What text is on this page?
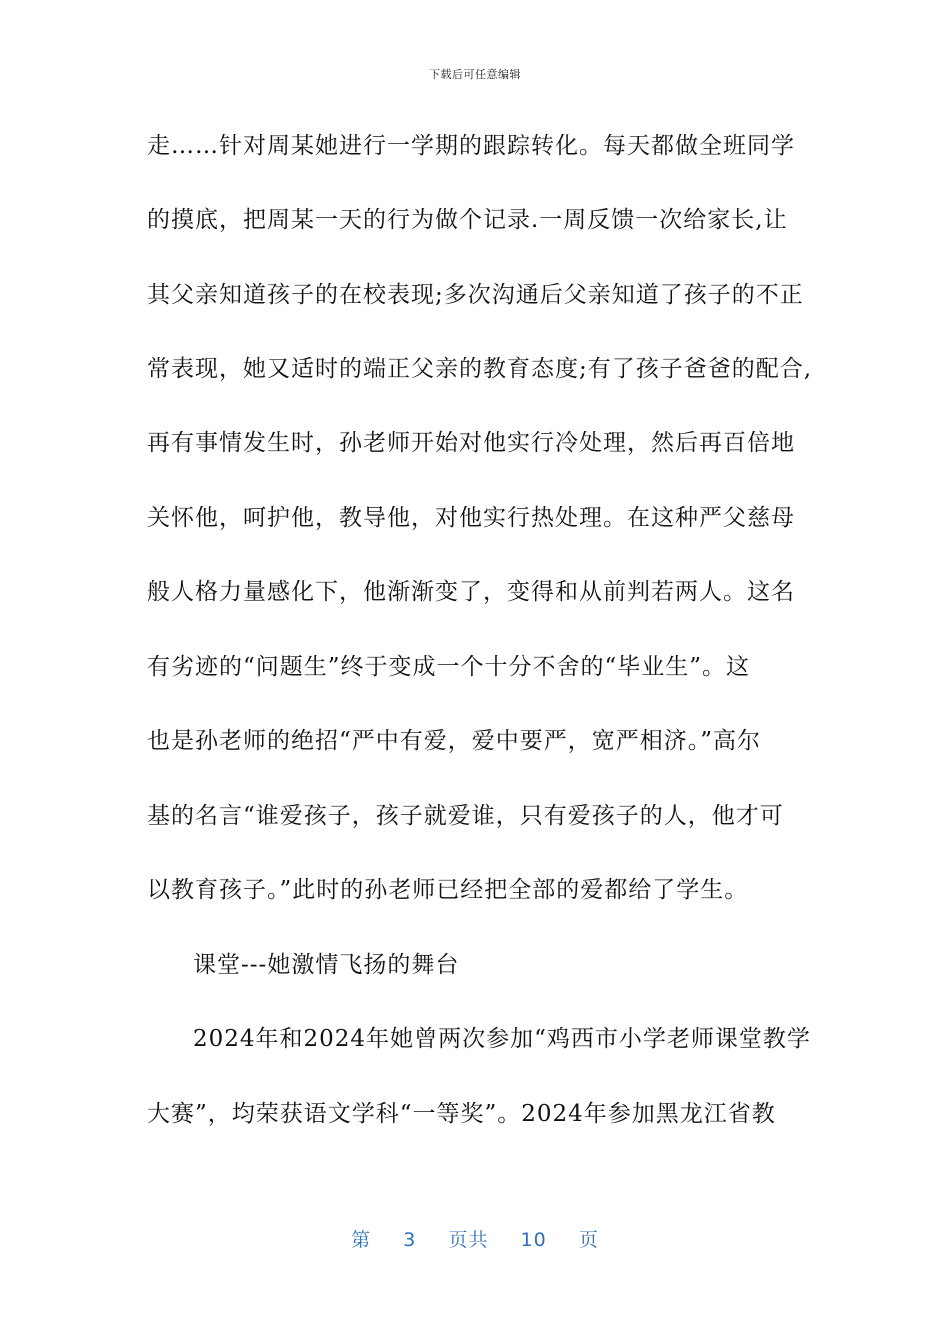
下载后可任意编辑
走……针对周某她进行一学期的跟踪转化。每天都做全班同学
的摸底，把周某一天的行为做个记录.一周反馈一次给家长,让
其父亲知道孩子的在校表现;多次沟通后父亲知道了孩子的不正
常表现，她又适时的端正父亲的教育态度;有了孩子爸爸的配合,
再有事情发生时，孙老师开始对他实行冷处理，然后再百倍地
关怀他，呵护他，教导他，对他实行热处理。在这种严父慈母
般人格力量感化下，他渐渐变了，变得和从前判若两人。这名
有劣迹的“问题生”终于变成一个十分不舍的“毕业生”。这
也是孙老师的绝招“严中有爱，爱中要严，宽严相济。”高尔
基的名言“谁爱孩子，孩子就爱谁，只有爱孩子的人，他才可
以教育孩子。”此时的孙老师已经把全部的爱都给了学生。
课堂---她激情飞扬的舞台
2024年和2024年她曾两次参加“鸡西市小学老师课堂教学
大赛”，均荣获语文学科“一等奖”。2024年参加黑龙江省教
第 3 页共 10 页
